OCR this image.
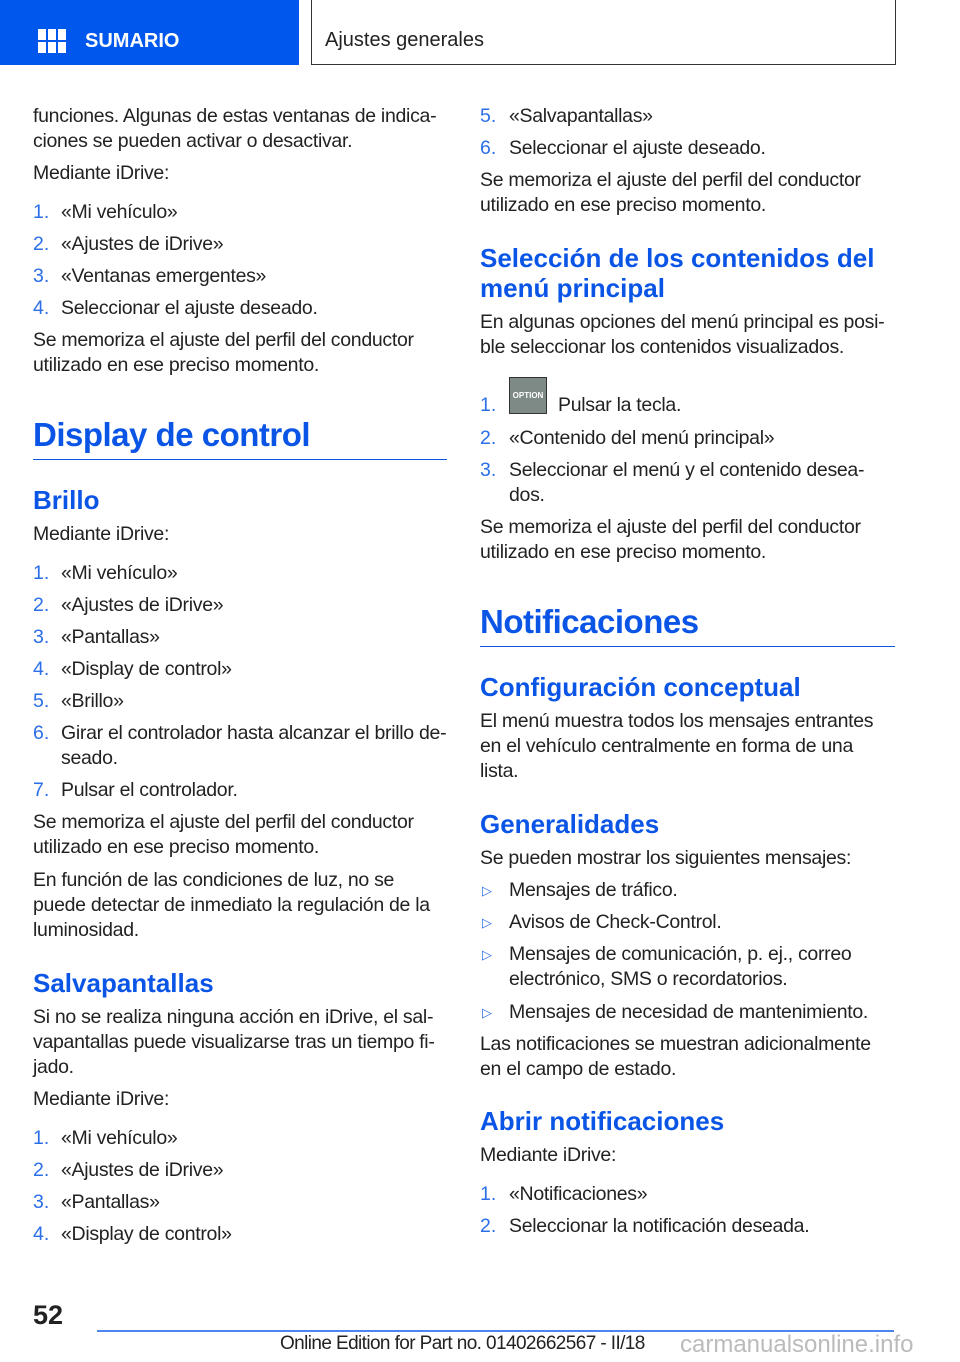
SUMARIO	Ajustes generales
funciones. Algunas de estas ventanas de indicaciones se pueden activar o desactivar.
Mediante iDrive:
1. «Mi vehículo»
2. «Ajustes de iDrive»
3. «Ventanas emergentes»
4. Seleccionar el ajuste deseado.
Se memoriza el ajuste del perfil del conductor utilizado en ese preciso momento.
Display de control
Brillo
Mediante iDrive:
1. «Mi vehículo»
2. «Ajustes de iDrive»
3. «Pantallas»
4. «Display de control»
5. «Brillo»
6. Girar el controlador hasta alcanzar el brillo deseado.
7. Pulsar el controlador.
Se memoriza el ajuste del perfil del conductor utilizado en ese preciso momento.
En función de las condiciones de luz, no se puede detectar de inmediato la regulación de la luminosidad.
Salvapantallas
Si no se realiza ninguna acción en iDrive, el salvapantallas puede visualizarse tras un tiempo fijado.
Mediante iDrive:
1. «Mi vehículo»
2. «Ajustes de iDrive»
3. «Pantallas»
4. «Display de control»
5. «Salvapantallas»
6. Seleccionar el ajuste deseado.
Se memoriza el ajuste del perfil del conductor utilizado en ese preciso momento.
Selección de los contenidos del menú principal
En algunas opciones del menú principal es posible seleccionar los contenidos visualizados.
1.	OPTION Pulsar la tecla.
2. «Contenido del menú principal»
3. Seleccionar el menú y el contenido deseados.
Se memoriza el ajuste del perfil del conductor utilizado en ese preciso momento.
Notificaciones
Configuración conceptual
El menú muestra todos los mensajes entrantes en el vehículo centralmente en forma de una lista.
Generalidades
Se pueden mostrar los siguientes mensajes:
▷ Mensajes de tráfico.
▷ Avisos de Check-Control.
▷ Mensajes de comunicación, p. ej., correo electrónico, SMS o recordatorios.
▷ Mensajes de necesidad de mantenimiento.
Las notificaciones se muestran adicionalmente en el campo de estado.
Abrir notificaciones
Mediante iDrive:
1. «Notificaciones»
2. Seleccionar la notificación deseada.
52
Online Edition for Part no. 01402662567 - II/18 carmanualsonline.info
